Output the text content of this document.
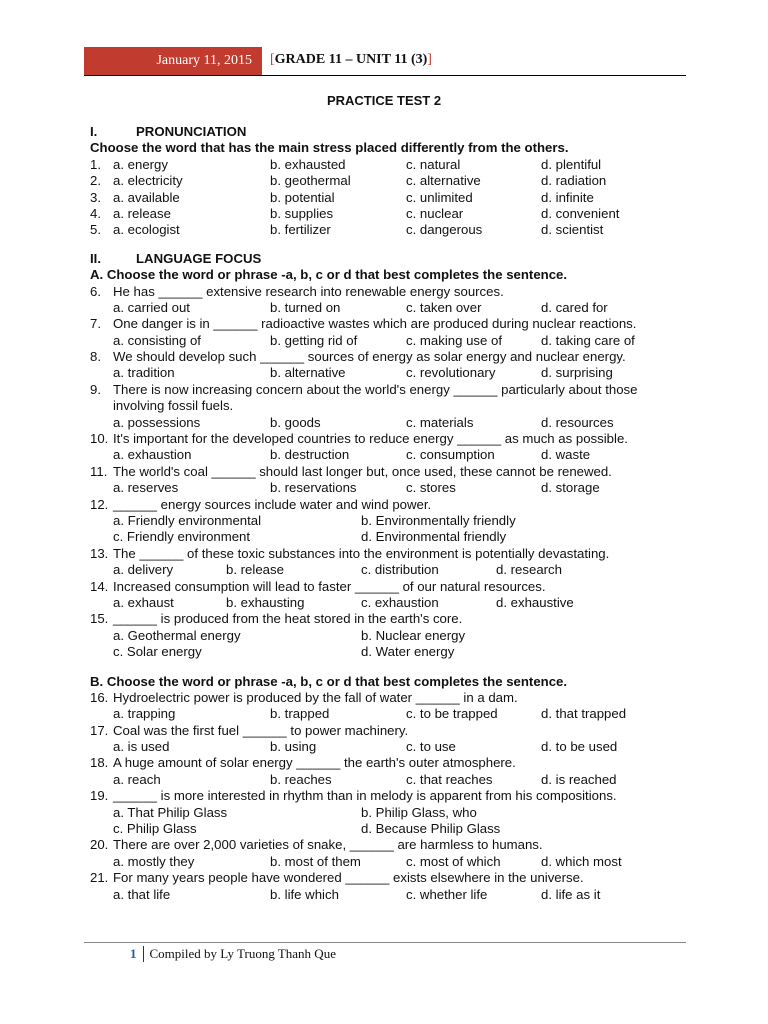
January 11, 2015	[GRADE 11 – UNIT 11 (3)]
PRACTICE TEST 2
I.	PRONUNCIATION
Choose the word that has the main stress placed differently from the others.
1. a. energy	b. exhausted	c. natural	d. plentiful
2. a. electricity	b. geothermal	c. alternative	d. radiation
3. a. available	b. potential	c. unlimited	d. infinite
4. a. release	b. supplies	c. nuclear	d. convenient
5. a. ecologist	b. fertilizer	c. dangerous	d. scientist
II.	LANGUAGE FOCUS
A. Choose the word or phrase -a, b, c or d that best completes the sentence.
6. He has ______ extensive research into renewable energy sources.
a. carried out	b. turned on	c. taken over	d. cared for
7. One danger is in ______ radioactive wastes which are produced during nuclear reactions.
a. consisting of	b. getting rid of	c. making use of	d. taking care of
8. We should develop such ______ sources of energy as solar energy and nuclear energy.
a. tradition	b. alternative	c. revolutionary	d. surprising
9. There is now increasing concern about the world's energy ______ particularly about those
involving fossil fuels.
a. possessions	b. goods	c. materials	d. resources
10. It's important for the developed countries to reduce energy ______ as much as possible.
a. exhaustion	b. destruction	c. consumption	d. waste
11. The world's coal ______ should last longer but, once used, these cannot be renewed.
a. reserves	b. reservations	c. stores	d. storage
12. ______ energy sources include water and wind power.
a. Friendly environmental	b. Environmentally friendly
c. Friendly environment	d. Environmental friendly
13. The ______ of these toxic substances into the environment is potentially devastating.
a. delivery	b. release	c. distribution	d. research
14. Increased consumption will lead to faster ______ of our natural resources.
a. exhaust	b. exhausting	c. exhaustion	d. exhaustive
15. ______ is produced from the heat stored in the earth's core.
a. Geothermal energy	b. Nuclear energy
c. Solar energy	d. Water energy
B. Choose the word or phrase -a, b, c or d that best completes the sentence.
16. Hydroelectric power is produced by the fall of water ______ in a dam.
a. trapping	b. trapped	c. to be trapped	d. that trapped
17. Coal was the first fuel ______ to power machinery.
a. is used	b. using	c. to use	d. to be used
18. A huge amount of solar energy ______ the earth's outer atmosphere.
a. reach	b. reaches	c. that reaches	d. is reached
19. ______ is more interested in rhythm than in melody is apparent from his compositions.
a. That Philip Glass	b. Philip Glass, who
c. Philip Glass	d. Because Philip Glass
20. There are over 2,000 varieties of snake, ______ are harmless to humans.
a. mostly they	b. most of them	c. most of which	d. which most
21. For many years people have wondered ______ exists elsewhere in the universe.
a. that life	b. life which	c. whether life	d. life as it
1	Compiled by Ly Truong Thanh Que
